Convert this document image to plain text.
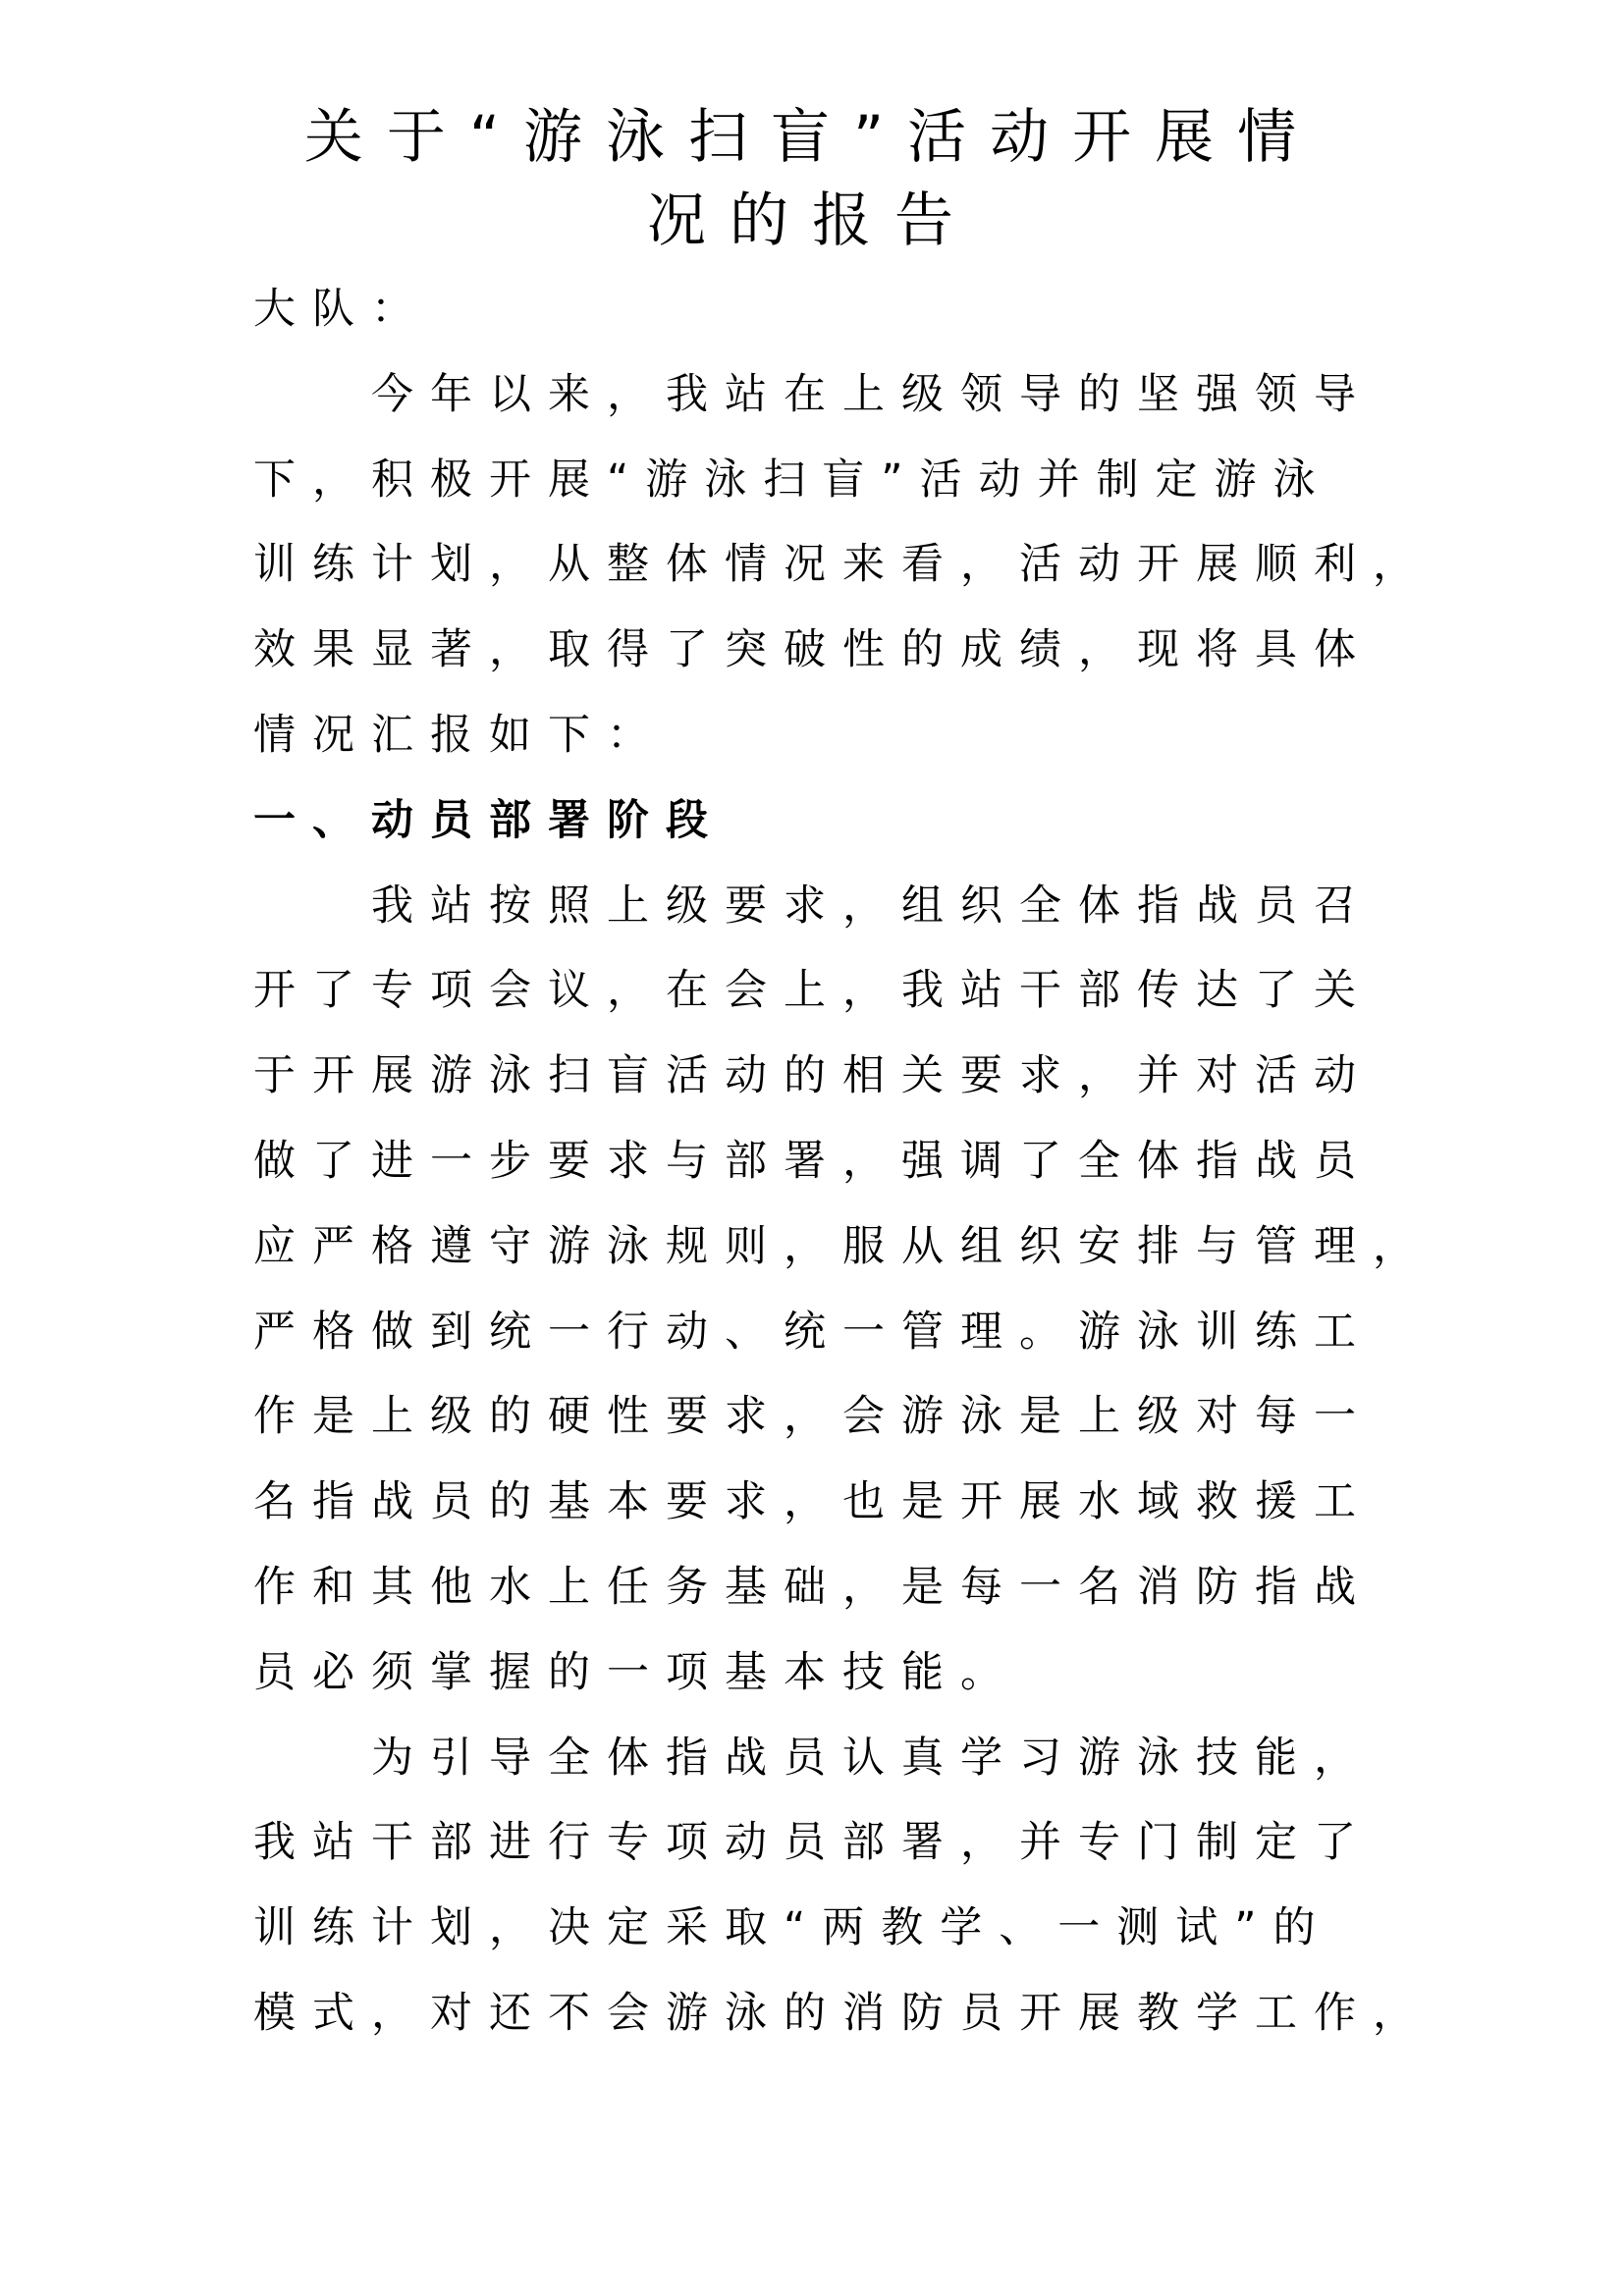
关于“游泳扫盲”活动开展情
况的报告
大队：
今年以来，我站在上级领导的坚强领导
下，积极开展“游泳扫盲”活动并制定游泳
训练计划，从整体情况来看，活动开展顺利，
效果显著，取得了突破性的成绩，现将具体
情况汇报如下：
一、动员部署阶段
我站按照上级要求，组织全体指战员召
开了专项会议，在会上，我站干部传达了关
于开展游泳扫盲活动的相关要求，并对活动
做了进一步要求与部署，强调了全体指战员
应严格遵守游泳规则，服从组织安排与管理，
严格做到统一行动、统一管理。游泳训练工
作是上级的硬性要求，会游泳是上级对每一
名指战员的基本要求，也是开展水域救援工
作和其他水上任务基础，是每一名消防指战
员必须掌握的一项基本技能。
为引导全体指战员认真学习游泳技能，
我站干部进行专项动员部署，并专门制定了
训练计划，决定采取“两教学、一测试”的
模式，对还不会游泳的消防员开展教学工作，
